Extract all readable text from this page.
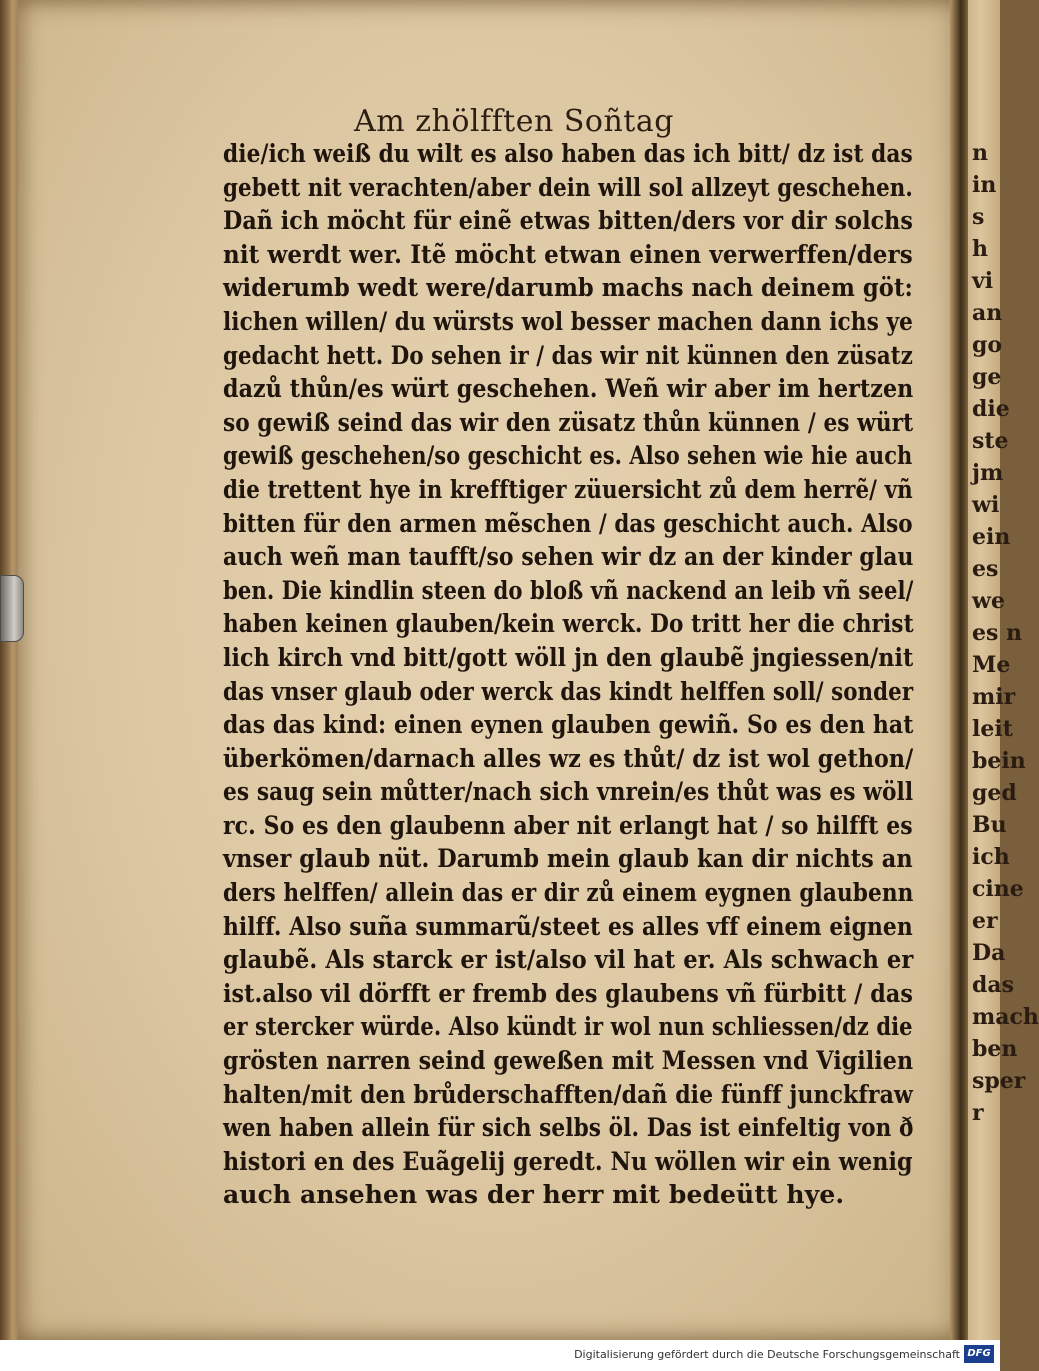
Am zhölfften Soñtag
die/ich weiß du wilt es also haben das ich bitt/ dz ist das
gebett nit verachten/aber dein will sol allzeyt geschehen.
Dañ ich möcht für einẽ etwas bitten/ders vor dir solchs
nit werdt wer. Itẽ möcht etwan einen verwerffen/ders
widerumb wedt were/darumb machs nach deinem göt:
lichen willen/ du würsts wol besser machen dann ichs ye
gedacht hett. Do sehen ir / das wir nit künnen den züsatz
dazů thůn/es würt geschehen. Weñ wir aber im hertzen
so gewiß seind das wir den züsatz thůn künnen / es würt
gewiß geschehen/so geschicht es. Also sehen wie hie auch
die trettent hye in krefftiger züuersicht zů dem herrẽ/ vñ
bitten für den armen mẽschen / das geschicht auch. Also
auch weñ man taufft/so sehen wir dz an der kinder glau
ben. Die kindlin steen do bloß vñ nackend an leib vñ seel/
haben keinen glauben/kein werck. Do tritt her die christ
lich kirch vnd bitt/gott wöll jn den glaubẽ jngiessen/nit
das vnser glaub oder werck das kindt helffen soll/ sonder
das das kind: einen eynen glauben gewiñ. So es den hat
überkömen/darnach alles wz es thůt/ dz ist wol gethon/
es saug sein můtter/nach sich vnrein/es thůt was es wöll
rc. So es den glaubenn aber nit erlangt hat / so hilfft es
vnser glaub nüt. Darumb mein glaub kan dir nichts an
ders helffen/ allein das er dir zů einem eygnen glaubenn
hilff. Also suña summarũ/steet es alles vff einem eignen
glaubẽ. Als starck er ist/also vil hat er. Als schwach er
ist.also vil dörfft er fremb des glaubens vñ fürbitt / das
er stercker würde. Also kündt ir wol nun schliessen/dz die
grösten narren seind geweßen mit Messen vnd Vigilien
halten/mit den brůderschafften/dañ die fünff junckfraw
wen haben allein für sich selbs öl. Das ist einfeltig von ð
histori en des Euãgelij geredt. Nu wöllen wir ein wenig
auch ansehen was der herr mit bedeütt hye.
n
in
s
h
vi
an
go
ge
die
ste
jm
wi
ein
es
we
es n
Me
mir
leit
bein
ged
Bu
ich
cine
er
Da
das
mach
ben
sper
r
Digitalisierung gefördert durch die Deutsche Forschungsgemeinschaft DFG
